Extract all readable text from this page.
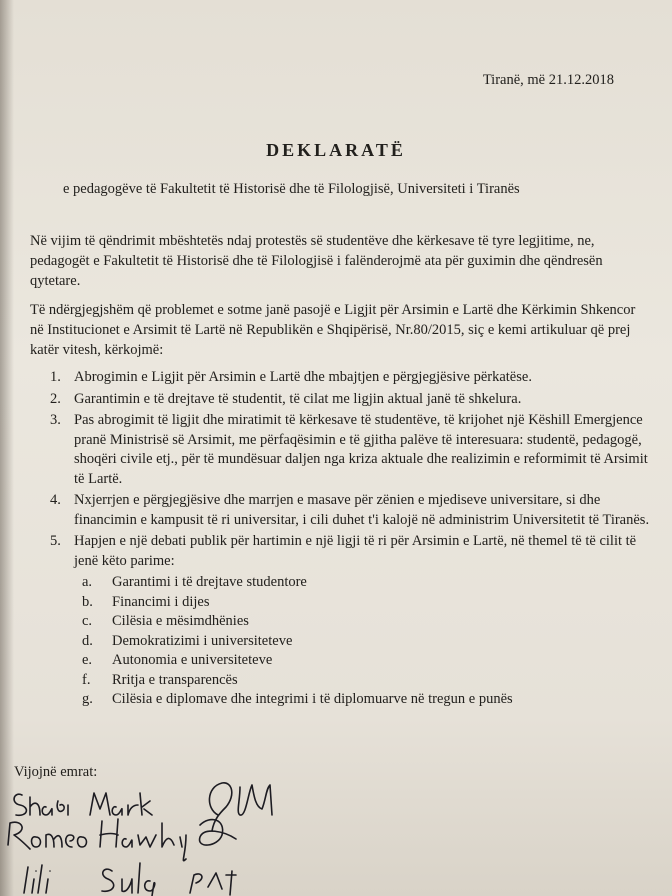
Tiranë, më 21.12.2018
DEKLARATË
e pedagogëve të Fakultetit të Historisë dhe të Filologjisë, Universiteti i Tiranës
Në vijim të qëndrimit mbështetës ndaj protestës së studentëve dhe kërkesave të tyre legjitime, ne, pedagogët e Fakultetit të Historisë dhe të Filologjisë i falënderojmë ata për guximin dhe qëndresën qytetare.
Të ndërgjegjshëm që problemet e sotme janë pasojë e Ligjit për Arsimin e Lartë dhe Kërkimin Shkencor në Institucionet e Arsimit të Lartë në Republikën e Shqipërisë, Nr.80/2015, siç e kemi artikuluar që prej katër vitesh, kërkojmë:
1. Abrogimin e Ligjit për Arsimin e Lartë dhe mbajtjen e përgjegjësive përkatëse.
2. Garantimin e të drejtave të studentit, të cilat me ligjin aktual janë të shkelura.
3. Pas abrogimit të ligjit dhe miratimit të kërkesave të studentëve, të krijohet një Këshill Emergjence pranë Ministrisë së Arsimit, me përfaqësimin e të gjitha palëve të interesuara: studentë, pedagogë, shoqëri civile etj., për të mundësuar daljen nga kriza aktuale dhe realizimin e reformimit të Arsimit të Lartë.
4. Nxjerrjen e përgjegjësive dhe marrjen e masave për zënien e mjediseve universitare, si dhe financimin e kampusit të ri universitar, i cili duhet t'i kalojë në administrim Universitetit të Tiranës.
5. Hapjen e një debati publik për hartimin e një ligji të ri për Arsimin e Lartë, në themel të të cilit të jenë këto parime:
a.	Garantimi i të drejtave studentore
b.	Financimi i dijes
c.	Cilësia e mësimdhënies
d.	Demokratizimi i universiteteve
e.	Autonomia e universiteteve
f.	Rritja e transparencës
g.	Cilësia e diplomave dhe integrimi i të diplomuarve në tregun e punës
Vijojnë emrat:
